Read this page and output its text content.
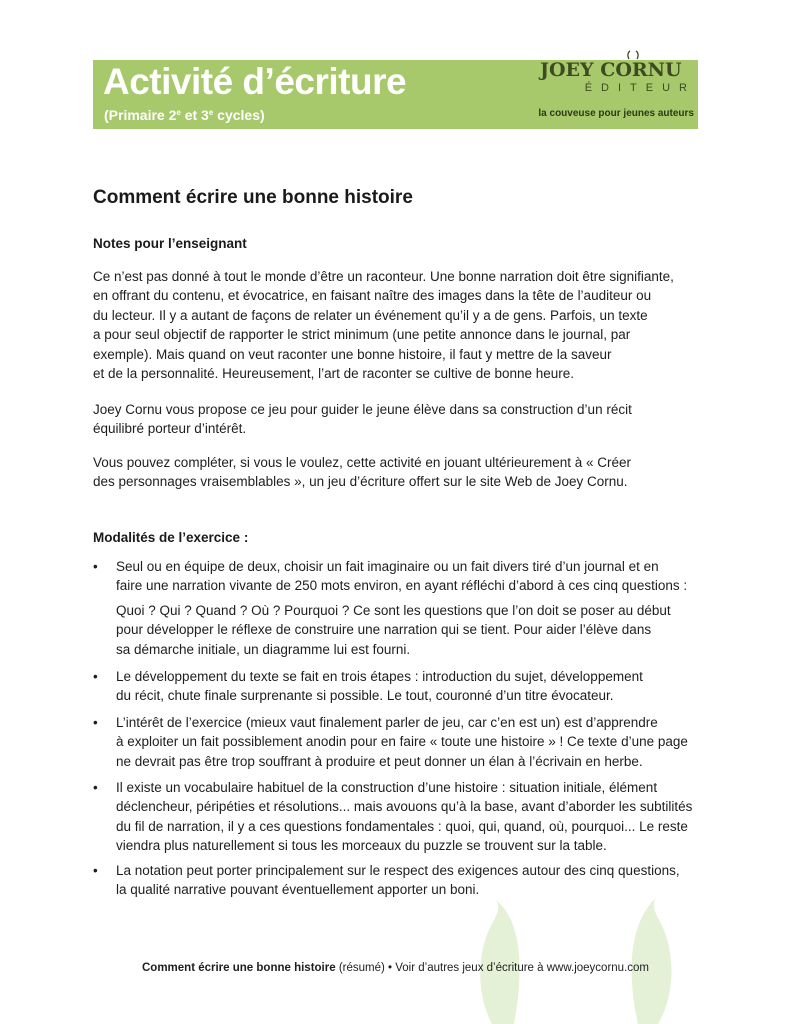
Activité d’écriture
(Primaire 2e et 3e cycles)
JOEY CORNU
ÉDITEUR
la couveuse pour jeunes auteurs
Comment écrire une bonne histoire
Notes pour l’enseignant
Ce n’est pas donné à tout le monde d’être un raconteur. Une bonne narration doit être signifiante,
en offrant du contenu, et évocatrice, en faisant naître des images dans la tête de l’auditeur ou
du lecteur. Il y a autant de façons de relater un événement qu’il y a de gens. Parfois, un texte
a pour seul objectif de rapporter le strict minimum (une petite annonce dans le journal, par
exemple). Mais quand on veut raconter une bonne histoire, il faut y mettre de la saveur
et de la personnalité. Heureusement, l’art de raconter se cultive de bonne heure.
Joey Cornu vous propose ce jeu pour guider le jeune élève dans sa construction d’un récit
équilibré porteur d’intérêt.
Vous pouvez compléter, si vous le voulez, cette activité en jouant ultérieurement à « Créer
des personnages vraisemblables », un jeu d’écriture offert sur le site Web de Joey Cornu.
Modalités de l’exercice :
• Seul ou en équipe de deux, choisir un fait imaginaire ou un fait divers tiré d’un journal et en
faire une narration vivante de 250 mots environ, en ayant réfléchi d’abord à ces cinq questions :
Quoi ? Qui ? Quand ? Où ? Pourquoi ? Ce sont les questions que l’on doit se poser au début
pour développer le réflexe de construire une narration qui se tient. Pour aider l’élève dans
sa démarche initiale, un diagramme lui est fourni.
• Le développement du texte se fait en trois étapes : introduction du sujet, développement
du récit, chute finale surprenante si possible. Le tout, couronné d’un titre évocateur.
• L’intérêt de l’exercice (mieux vaut finalement parler de jeu, car c’en est un) est d’apprendre
à exploiter un fait possiblement anodin pour en faire « toute une histoire » ! Ce texte d’une page
ne devrait pas être trop souffrant à produire et peut donner un élan à l’écrivain en herbe.
• Il existe un vocabulaire habituel de la construction d’une histoire : situation initiale, élément
déclencheur, péripéties et résolutions... mais avouons qu’à la base, avant d’aborder les subtilités
du fil de narration, il y a ces questions fondamentales : quoi, qui, quand, où, pourquoi... Le reste
viendra plus naturellement si tous les morceaux du puzzle se trouvent sur la table.
• La notation peut porter principalement sur le respect des exigences autour des cinq questions,
la qualité narrative pouvant éventuellement apporter un boni.
Comment écrire une bonne histoire (résumé) • Voir d’autres jeux d’écriture à www.joeycornu.com
